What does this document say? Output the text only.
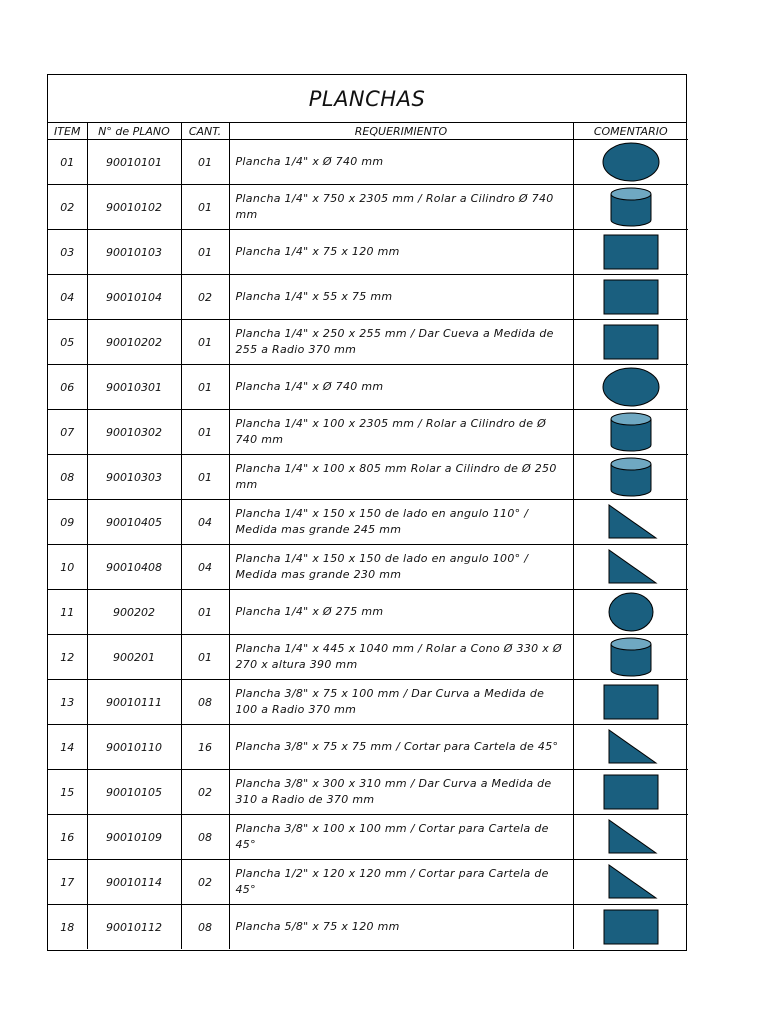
PLANCHAS
ITEM	N° de PLANO	CANT.	REQUERIMIENTO	COMENTARIO
01	90010101	01	Plancha 1/4" x Ø 740 mm	

02	90010102	01	Plancha 1/4" x 750 x 2305 mm / Rolar a Cilindro Ø 740 mm	

03	90010103	01	Plancha 1/4" x 75 x 120 mm	

04	90010104	02	Plancha 1/4" x 55 x 75 mm	

05	90010202	01	Plancha 1/4" x 250 x 255 mm / Dar Cueva a Medida de 255 a Radio 370 mm	

06	90010301	01	Plancha 1/4" x Ø 740 mm	

07	90010302	01	Plancha 1/4" x 100 x 2305 mm / Rolar a Cilindro de Ø 740 mm	

08	90010303	01	Plancha 1/4" x 100 x 805 mm Rolar a Cilindro de Ø 250 mm	

09	90010405	04	Plancha 1/4" x 150 x 150 de lado en angulo 110° / Medida mas grande 245 mm	

10	90010408	04	Plancha 1/4" x 150 x 150 de lado en angulo 100° / Medida mas grande 230 mm	

11	900202	01	Plancha 1/4" x Ø 275 mm	

12	900201	01	Plancha 1/4" x 445 x 1040 mm / Rolar a Cono Ø 330 x Ø 270 x altura 390 mm	

13	90010111	08	Plancha 3/8" x 75 x 100 mm / Dar Curva a Medida de 100 a Radio 370 mm	

14	90010110	16	Plancha 3/8" x 75 x 75 mm / Cortar para Cartela de 45°	

15	90010105	02	Plancha 3/8" x 300 x 310 mm / Dar Curva a Medida de 310 a Radio de 370 mm	

16	90010109	08	Plancha 3/8" x 100 x 100 mm / Cortar para Cartela de 45°	

17	90010114	02	Plancha 1/2" x 120 x 120 mm / Cortar para Cartela de 45°	

18	90010112	08	Plancha 5/8" x 75 x 120 mm	
